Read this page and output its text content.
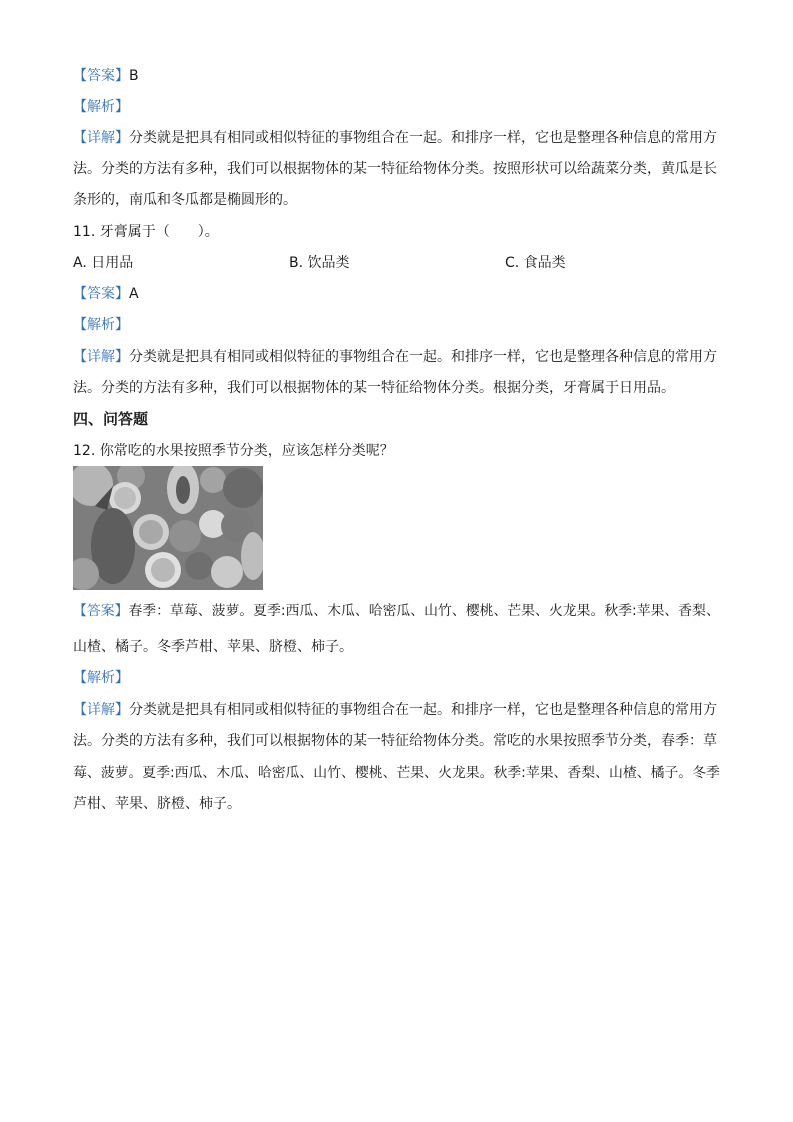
【答案】B
【解析】
【详解】分类就是把具有相同或相似特征的事物组合在一起。和排序一样，它也是整理各种信息的常用方
法。分类的方法有多种，我们可以根据物体的某一特征给物体分类。按照形状可以给蔬菜分类，黄瓜是长
条形的，南瓜和冬瓜都是椭圆形的。
11. 牙膏属于（　　）。
A. 日用品	B. 饮品类	C. 食品类
【答案】A
【解析】
【详解】分类就是把具有相同或相似特征的事物组合在一起。和排序一样，它也是整理各种信息的常用方
法。分类的方法有多种，我们可以根据物体的某一特征给物体分类。根据分类，牙膏属于日用品。
四、问答题
12. 你常吃的水果按照季节分类，应该怎样分类呢？
【答案】春季：草莓、菠萝。夏季:西瓜、木瓜、哈密瓜、山竹、樱桃、芒果、火龙果。秋季:苹果、香梨、
山楂、橘子。冬季芦柑、苹果、脐橙、柿子。
【解析】
【详解】分类就是把具有相同或相似特征的事物组合在一起。和排序一样，它也是整理各种信息的常用方
法。分类的方法有多种，我们可以根据物体的某一特征给物体分类。常吃的水果按照季节分类，春季：草
莓、菠萝。夏季:西瓜、木瓜、哈密瓜、山竹、樱桃、芒果、火龙果。秋季:苹果、香梨、山楂、橘子。冬季
芦柑、苹果、脐橙、柿子。
